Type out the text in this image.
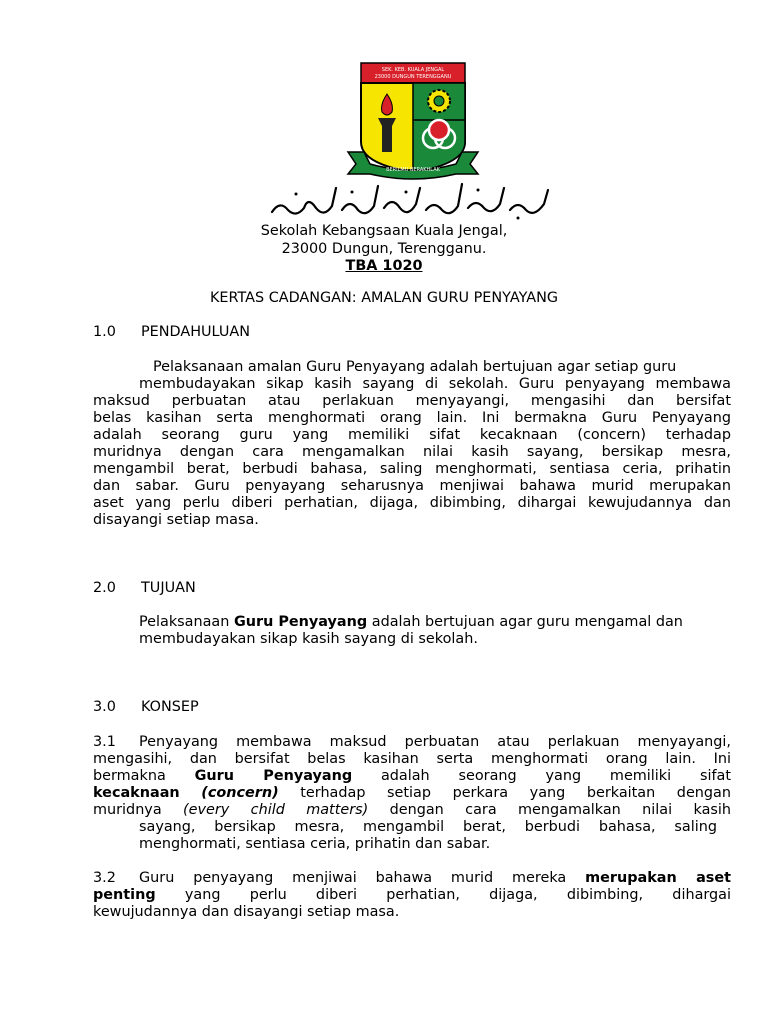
SEK. KEB. KUALA JENGAL
23000 DUNGUN TERENGGANU
BERILMU BERAKHLAK
Sekolah Kebangsaan Kuala Jengal,
23000 Dungun, Terengganu.
TBA 1020
KERTAS CADANGAN: AMALAN GURU PENYAYANG
1.0 PENDAHULUAN
Pelaksanaan amalan Guru Penyayang adalah bertujuan agar setiap guru
membudayakan sikap kasih sayang di sekolah. Guru penyayang membawa
maksud perbuatan atau perlakuan menyayangi, mengasihi dan bersifat
belas kasihan serta menghormati orang lain. Ini bermakna Guru Penyayang
adalah seorang guru yang memiliki sifat kecaknaan (concern) terhadap
muridnya dengan cara mengamalkan nilai kasih sayang, bersikap mesra,
mengambil berat, berbudi bahasa, saling menghormati, sentiasa ceria, prihatin
dan sabar. Guru penyayang seharusnya menjiwai bahawa murid merupakan
aset yang perlu diberi perhatian, dijaga, dibimbing, dihargai kewujudannya dan
disayangi setiap masa.
2.0 TUJUAN
Pelaksanaan Guru Penyayang adalah bertujuan agar guru mengamal dan
membudayakan sikap kasih sayang di sekolah.
3.0 KONSEP
3.1 Penyayang membawa maksud perbuatan atau perlakuan menyayangi,
mengasihi, dan bersifat belas kasihan serta menghormati orang lain. Ini
bermakna Guru Penyayang adalah seorang yang memiliki sifat
kecaknaan (concern) terhadap setiap perkara yang berkaitan dengan
muridnya (every child matters) dengan cara mengamalkan nilai kasih
sayang, bersikap mesra, mengambil berat, berbudi bahasa, saling
menghormati, sentiasa ceria, prihatin dan sabar.
3.2 Guru penyayang menjiwai bahawa murid mereka merupakan aset
penting yang perlu diberi perhatian, dijaga, dibimbing, dihargai
kewujudannya dan disayangi setiap masa.
